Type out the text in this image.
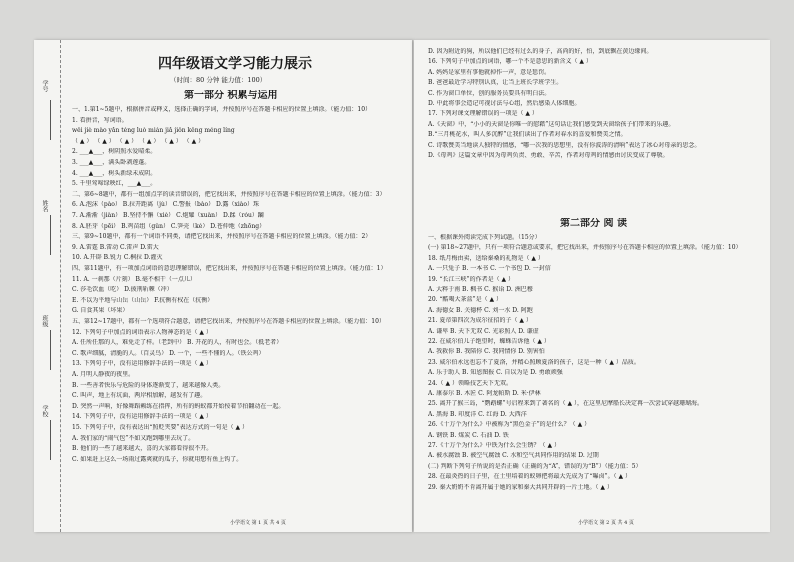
学号
姓名
班级
学校
四年级语文学习能力展示
（时间：80 分钟 能力值：100）
第一部分 积累与运用
一、1.第1~5题中，根据拼音或释义，选择正确的字词，并按照序号在答题卡相应的位置上填涂。（能力值：10）
1. 看拼音，写词语。
wěi jiè mào yǎn téng luò mián jiǎ jiǒn kěng méng líng
（ ▲ ） （ ▲ ） （ ▲ ） （ ▲ ） （ ▲ ） （ ▲ ）
2. ___▲___，树阴照水爱晴柔。
3. ___▲___，满头卧剥莲蓬。
4. ___▲___，树头新绿未成阴。
5. 千里莺啼绿映红，___▲___。
二、第6~8题中，都有一组加点字的读音错误的，把它找出来，并按照序号在答题卡相应的位置上填涂。（能力值：3）
6. A.泡沫（pào） B.拉开距离（jù） C.警报（bào） D.露（xiào）珠
7. A.渐渐（jiàn） B.坚持不懈（xiè） C.炮耀（xuàn） D.蹂（róu）躏
8. A.胚芽（pēi） B.鸡苗组（gǔn） C.笋壳（ké） D.苍仲地（zhōng）
三、第9~10题中，都有一个词语不同类，请把它找出来，并按照序号在答题卡相应的位置上填涂。（能力值：2）
9. A.雷霆 B.雷动 C.雷声 D.雷大
10. A.开辟 B.锐力 C.桐拉 D.灌灭
四、第11题中，有一项加点词语的意思理解错误，把它找出来，并按照序号在答题卡相应的位置上填涂。（能力值：1）
11. A. 一刹那（片刻） B.毫不相干（一点儿）
C. 莎毛饮血（吃） D.披荆斩棘（冲）
E. 不以为平地与山岳（山岳） F.抗衡有权在（抗衡）
G. 自食其果（坏果）
五、第12~17题中，都有一个选项符合题意，请把它找出来，并按照序号在答题卡相应的位置上填涂。（能力值：10）
12. 下列句子中加点的词语表示人物神态的是（ ▲ ）
A. 任所任那的人，难免走了样。（老到中） B. 开花的人，有时也会。（抵老者）
C. 歌声细腻，清脆的人。（百灵鸟） D. 一个，一些不懂的人。（铁公鸡）
13. 下列句子中，没有运用修辞手法的一项是（ ▲ ）
A. 月明人静夜的夜里。
B. 一些善者快乐与危险的身体逐渐变了，越来越像人类。
C. 叫声，地上有坑面，两岸相加解，越发有了趣。
D. 突然一声响，好像舞蹈赖练在指挥，所有的蚂蚁都开始按着节拍翻动在一起。
14. 下列句子中，没有运用修辞手法的一项是（ ▲ ）
15. 下列句子中，没有表达出“照贬夹要”表达方式的一句是（ ▲ ）
A. 我们家的“闹气包”不如又跑到哪里去玩了。
B. 他们的一些了越来越大，喜的大家都看得很不开。
C. 如果赶上这么一场雨过露爽就的瓜子，你就用想有鱼上钩了。
小学语文 第 1 页 共 4 页
D. 因为附近的狗，所以他们已经有过么的身子，高尚的好，怕，到底飘在黄边缘间。
16. 下列句子中加点的词语，哪一个不是意思的新含义（ ▲ ）
A. 妈妈是家里有事他就掉作一声，意是惩罚。
B. 爸爸最近学习特别认真，让当上班长学班学生。
C. 作为窗口单位，创的服务员要具有明白法。
D. 中此将事会造记可视讨法与心组，然后感染人体细胞。
17. 下列对课文理解错误的一项是（ ▲ ）
A.《天窗》中，“小小的天窗是你唯一的慰藉”这句话让我们感受到天窗给孩子们带来的乐趣。
B.“三月桃花水，叫人多沉醉”让我们读出了作者对春水的喜爱和赞美之情。
C. 诗歌赞美当地读人独特的情感，“哪一次我的思想里，没有你波涛的清响”表达了冰心对母亲的思念。
D.《母鸡》这篇文章中因为母鸡负责、勇敢、辛苦，作者对母鸡的情感由讨厌变成了尊敬。
一、根据课外阅读完成下列试题。（15分）
(一) 第18~27题中，只有一项符合题意或要求，把它找出来，并按照序号在答题卡相应的位置上填涂。（能力值：10）
18. 纸月梅由卖，送给秦桑的礼物是（ ▲ ）
A. 一只兔子 B. 一本书 C. 一个书包 D. 一封信
19. “长江三峡”的作者是（ ▲ ）
A. 大粹于南 B. 枫书 C. 猴诒 D. 洲巴穆
20. “酷喝大茶盒”是（ ▲ ）
A. 海德女 B. 关德杯 C. 刘一水 D. 阿跑
21. 夏帝第四次为成尔征招的子（ ▲ ）
A. 谦卑 B. 天下无双 C. 光彩照人 D. 谦虚
22. 在威尔伯儿子绝望时，蜘蛛告诉他（ ▲ ）
A. 我救你 B. 我陪你 C. 我同情你 D. 别害怕
23. 威尔伯永远也忘不了夏洛，并精心照顾夏洛的孩子，这是一种（ ▲ ）品质。
A. 乐于助人 B. 知恩图报 C. 自以为是 D. 勇敢顽强
24.（ ▲ ）领略技艺天下无双。
A. 康泰尔 B. 木匠 C. 阿龙帕斯 D. 米·伊林
25. 离开了猴三岛，“鹦鹉螺”号启程来到了著名的（ ▲ ），在这里尼摩船长决定再一次尝试穿越珊瑚海。
A. 黑海 B. 印度洋 C. 红海 D. 大西洋
26.《十万个为什么》中被称为“黑色金子”的是什么？（ ▲ ）
A. 钢铁 B. 煤炭 C. 石油 D. 铁
27.《十万个为什么》中铁为什么会生锈？（ ▲ ）
A. 被水腐蚀 B. 被空气腐蚀 C. 水和空气共同作用的结果 D. 过期
(二) 判断下列句子所说的是否正确（正确的为“A”，错误的为“B”）（能力值：5）
28. 在最炎热的日子里，在土里培着的蚁卵把将最大先成为了“曝卤”。（ ▲ ）
29. 秦大奶奶不肯离开属于她的家和秦大共同开辟的一片土地。（ ▲ ）
第二部分 阅 读
小学语文 第 2 页 共 4 页
